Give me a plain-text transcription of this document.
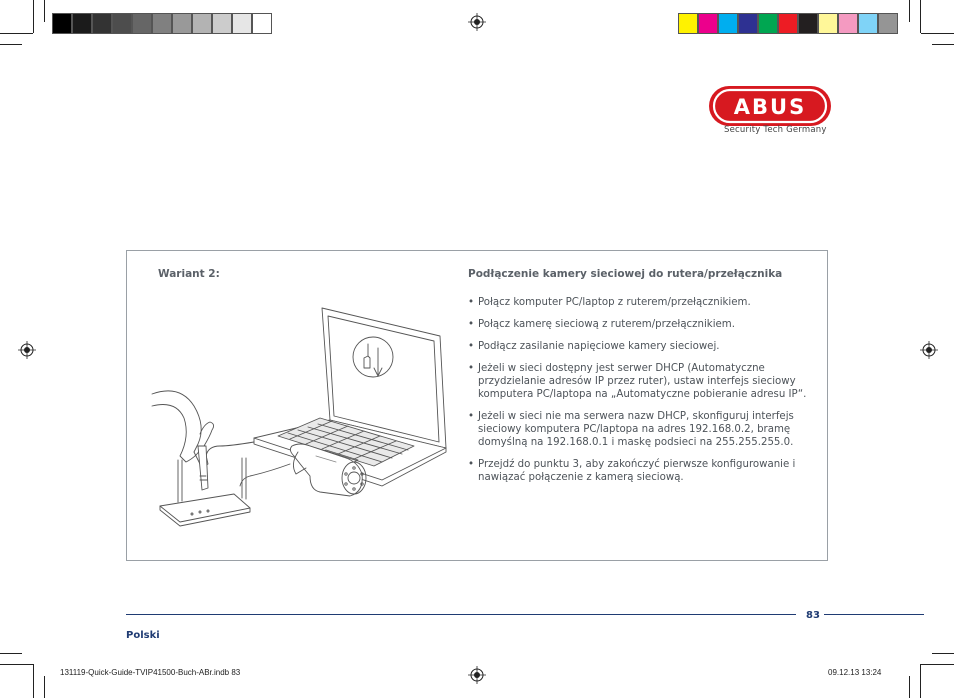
ABUS
Security Tech Germany
Wariant 2:	Podłączenie kamery sieciowej do rutera/przełącznika
• Połącz komputer PC/laptop z ruterem/przełącznikiem.
• Połącz kamerę sieciową z ruterem/przełącznikiem.
• Podłącz zasilanie napięciowe kamery sieciowej.
• Jeżeli w sieci dostępny jest serwer DHCP (Automatyczne przydzielanie adresów IP przez ruter), ustaw interfejs sieciowy komputera PC/laptopa na „Automatyczne pobieranie adresu IP“.
• Jeżeli w sieci nie ma serwera nazw DHCP, skonfiguruj interfejs sieciowy komputera PC/laptopa na adres 192.168.0.2, bramę domyślną na 192.168.0.1 i maskę podsieci na 255.255.255.0.
• Przejdź do punktu 3, aby zakończyć pierwsze konfigurowanie i nawiązać połączenie z kamerą sieciową.
83
Polski
131119-Quick-Guide-TVIP41500-Buch-ABr.indb 83	09.12.13 13:24
